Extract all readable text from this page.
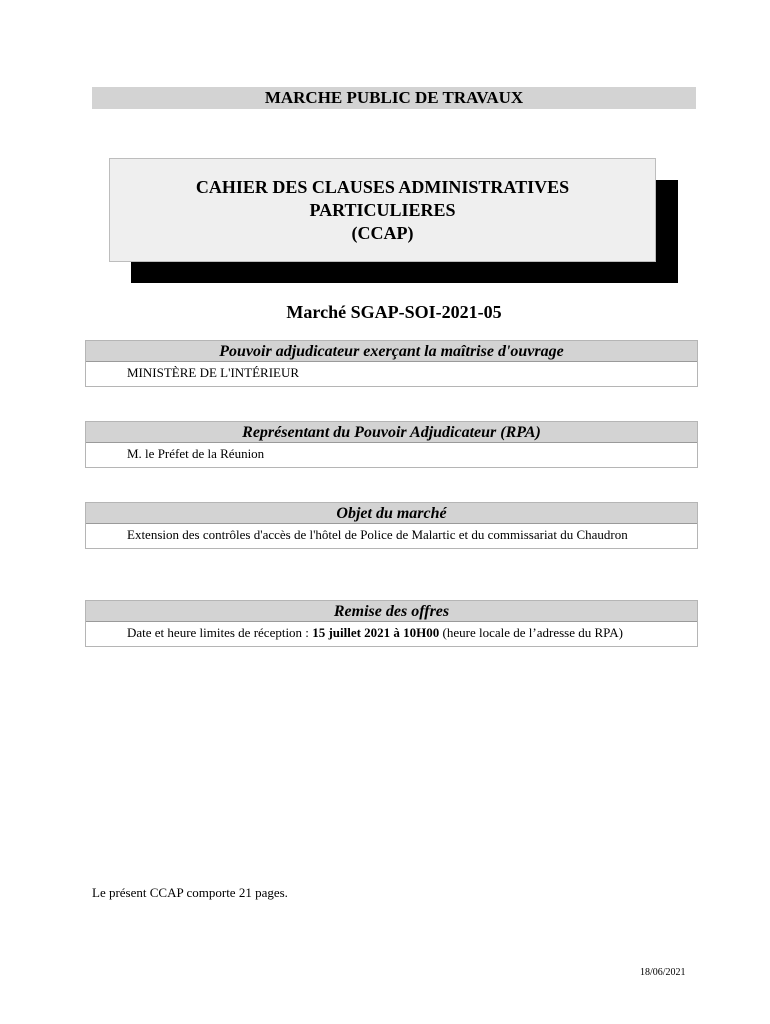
MARCHE PUBLIC DE TRAVAUX
CAHIER DES CLAUSES ADMINISTRATIVES
PARTICULIERES
(CCAP)
Marché SGAP-SOI-2021-05
Pouvoir adjudicateur exerçant la maîtrise d'ouvrage
MINISTÈRE DE L'INTÉRIEUR
Représentant du Pouvoir Adjudicateur (RPA)
M. le Préfet de la Réunion
Objet du marché
Extension des contrôles d'accès de l'hôtel de Police de Malartic et du commissariat du Chaudron
Remise des offres
Date et heure limites de réception : 15 juillet 2021 à 10H00 (heure locale de l’adresse du RPA)
Le présent CCAP comporte 21 pages.
18/06/2021
